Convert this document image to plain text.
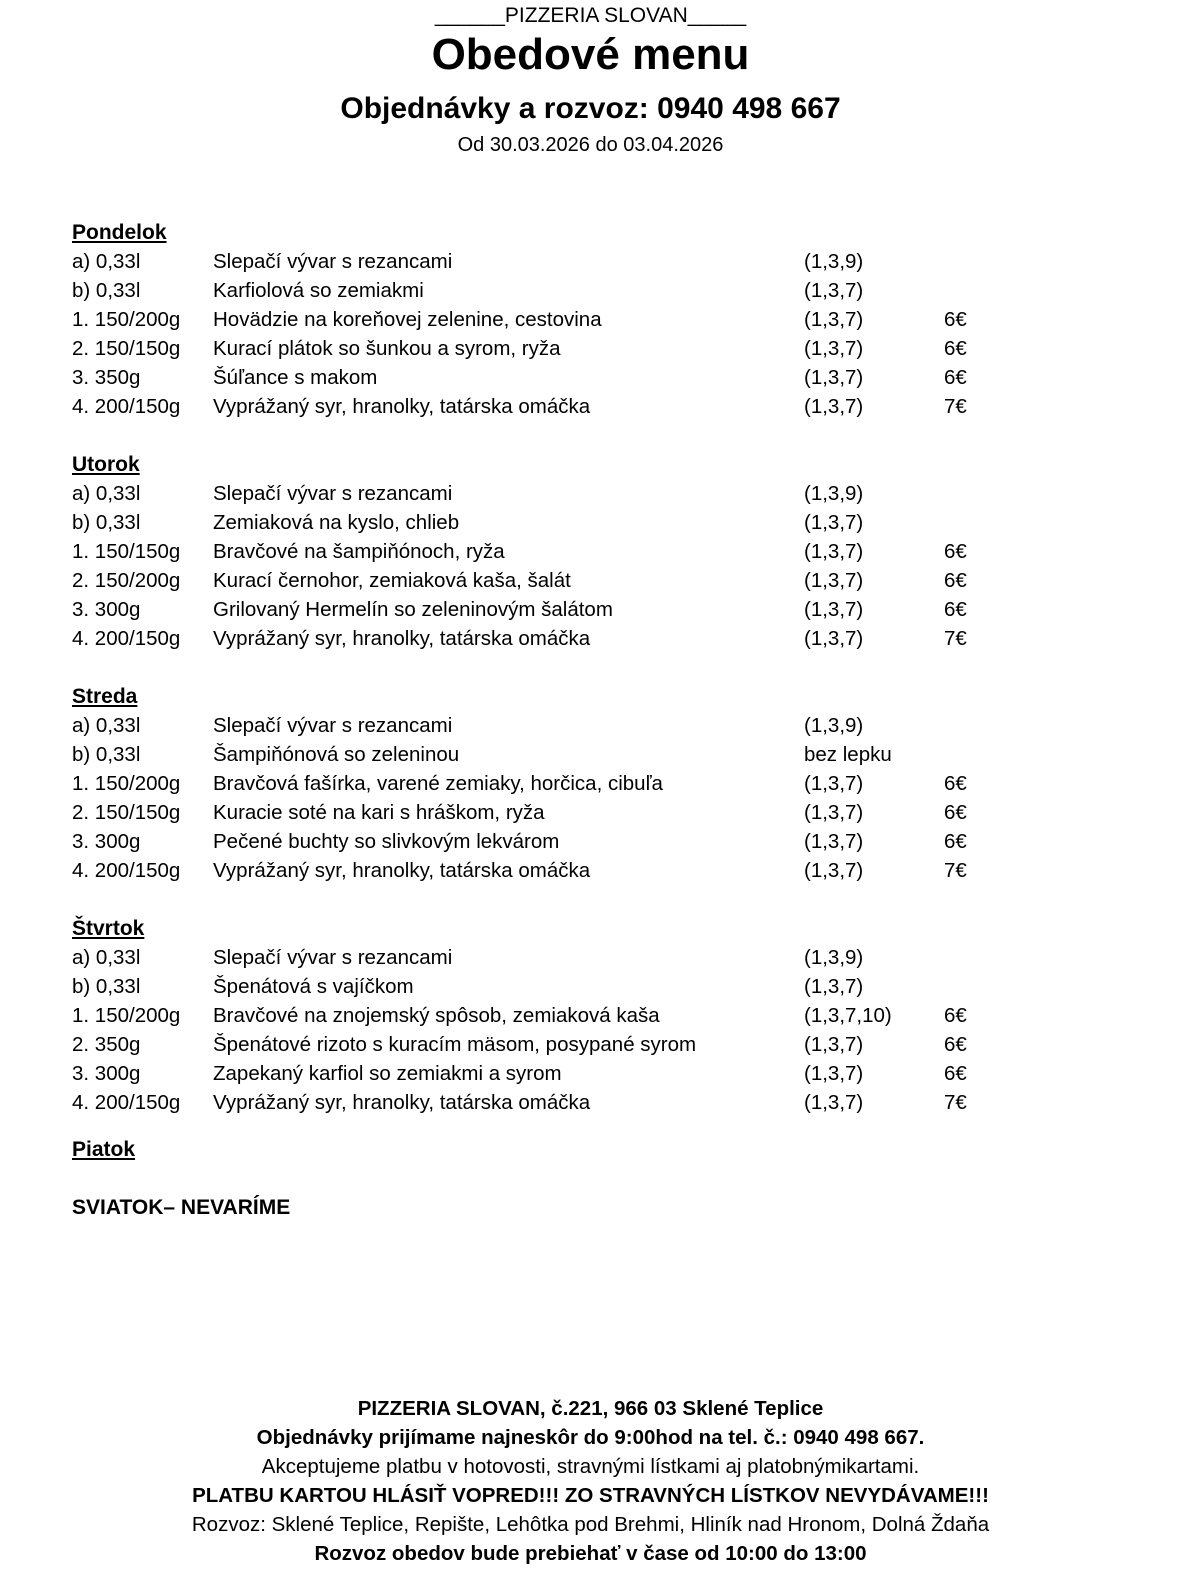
______PIZZERIA SLOVAN_____
Obedové menu
Objednávky a rozvoz: 0940 498 667
Od 30.03.2026 do 03.04.2026
Pondelok
a) 0,33l	Slepačí vývar s rezancami	(1,3,9)
b) 0,33l	Karfiolová so zemiakmi	(1,3,7)
1. 150/200g Hovädzie na koreňovej zelenine, cestovina	(1,3,7)	6€
2. 150/150g Kurací plátok so šunkou a syrom, ryža	(1,3,7)	6€
3. 350g	Šúľance s makom	(1,3,7)	6€
4. 200/150g Vyprážaný syr, hranolky, tatárska omáčka	(1,3,7)	7€
Utorok
a) 0,33l	Slepačí vývar s rezancami	(1,3,9)
b) 0,33l	Zemiaková na kyslo, chlieb	(1,3,7)
1. 150/150g Bravčové na šampiňónoch, ryža	(1,3,7)	6€
2. 150/200g Kurací černohor, zemiaková kaša, šalát	(1,3,7)	6€
3. 300g	Grilovaný Hermelín so zeleninovým šalátom	(1,3,7)	6€
4. 200/150g Vyprážaný syr, hranolky, tatárska omáčka	(1,3,7)	7€
Streda
a) 0,33l	Slepačí vývar s rezancami	(1,3,9)
b) 0,33l	Šampiňónová so zeleninou	bez lepku
1. 150/200g Bravčová fašírka, varené zemiaky, horčica, cibuľa	(1,3,7)	6€
2. 150/150g Kuracie soté na kari s hráškom, ryža	(1,3,7)	6€
3. 300g	Pečené buchty so slivkovým lekvárom	(1,3,7)	6€
4. 200/150g Vyprážaný syr, hranolky, tatárska omáčka	(1,3,7)	7€
Štvrtok
a) 0,33l	Slepačí vývar s rezancami	(1,3,9)
b) 0,33l	Špenátová s vajíčkom	(1,3,7)
1. 150/200g Bravčové na znojemský spôsob, zemiaková kaša	(1,3,7,10)	6€
2. 350g	Špenátové rizoto s kuracím mäsom, posypané syrom	(1,3,7)	6€
3. 300g	Zapekaný karfiol so zemiakmi a syrom	(1,3,7)	6€
4. 200/150g Vyprážaný syr, hranolky, tatárska omáčka	(1,3,7)	7€
Piatok
SVIATOK– NEVARÍME
PIZZERIA SLOVAN, č.221, 966 03 Sklené Teplice
Objednávky prijímame najneskôr do 9:00hod na tel. č.: 0940 498 667.
Akceptujeme platbu v hotovosti, stravnými lístkami aj platobnýmikartami.
PLATBU KARTOU HLÁSIŤ VOPRED!!! ZO STRAVNÝCH LÍSTKOV NEVYDÁVAME!!!
Rozvoz: Sklené Teplice, Repište, Lehôtka pod Brehmi, Hliník nad Hronom, Dolná Ždaňa
Rozvoz obedov bude prebiehať v čase od 10:00 do 13:00
